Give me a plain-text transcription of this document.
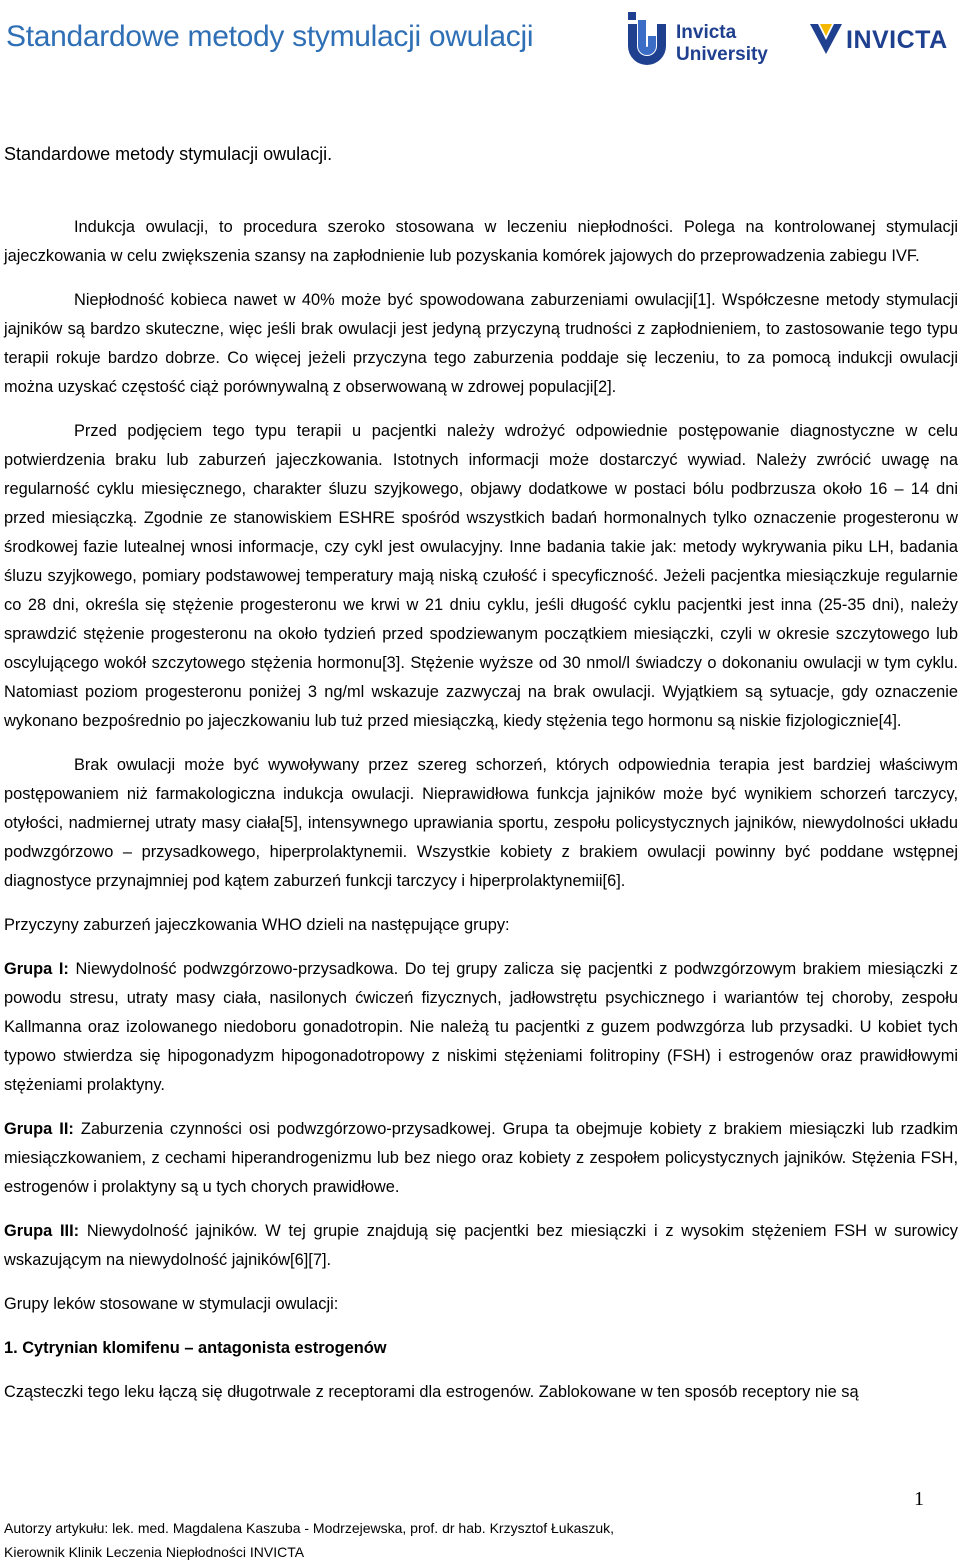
Standardowe metody stymulacji owulacji	Invicta
University
INVICTA
Standardowe metody stymulacji owulacji.

Indukcja owulacji, to procedura szeroko stosowana w leczeniu niepłodności. Polega na kontrolowanej stymulacji jajeczkowania w celu zwiększenia szansy na zapłodnienie lub pozyskania komórek jajowych do przeprowadzenia zabiegu IVF.

Niepłodność kobieca nawet w 40% może być spowodowana zaburzeniami owulacji[1]. Współczesne metody stymulacji jajników są bardzo skuteczne, więc jeśli brak owulacji jest jedyną przyczyną trudności z zapłodnieniem, to zastosowanie tego typu terapii rokuje bardzo dobrze. Co więcej jeżeli przyczyna tego zaburzenia poddaje się leczeniu, to za pomocą indukcji owulacji można uzyskać częstość ciąż porównywalną z obserwowaną w zdrowej populacji[2].

Przed podjęciem tego typu terapii u pacjentki należy wdrożyć odpowiednie postępowanie diagnostyczne w celu potwierdzenia braku lub zaburzeń jajeczkowania. Istotnych informacji może dostarczyć wywiad. Należy zwrócić uwagę na regularność cyklu miesięcznego, charakter śluzu szyjkowego, objawy dodatkowe w postaci bólu podbrzusza około 16 – 14 dni przed miesiączką. Zgodnie ze stanowiskiem ESHRE spośród wszystkich badań hormonalnych tylko oznaczenie progesteronu w środkowej fazie lutealnej wnosi informacje, czy cykl jest owulacyjny. Inne badania takie jak: metody wykrywania piku LH, badania śluzu szyjkowego, pomiary podstawowej temperatury mają niską czułość i specyficzność. Jeżeli pacjentka miesiączkuje regularnie co 28 dni, określa się stężenie progesteronu we krwi w 21 dniu cyklu, jeśli długość cyklu pacjentki jest inna (25-35 dni), należy sprawdzić stężenie progesteronu na około tydzień przed spodziewanym początkiem miesiączki, czyli w okresie szczytowego lub oscylującego wokół szczytowego stężenia hormonu[3]. Stężenie wyższe od 30 nmol/l świadczy o dokonaniu owulacji w tym cyklu. Natomiast poziom progesteronu poniżej 3 ng/ml wskazuje zazwyczaj na brak owulacji. Wyjątkiem są sytuacje, gdy oznaczenie wykonano bezpośrednio po jajeczkowaniu lub tuż przed miesiączką, kiedy stężenia tego hormonu są niskie fizjologicznie[4].

Brak owulacji może być wywoływany przez szereg schorzeń, których odpowiednia terapia jest bardziej właściwym postępowaniem niż farmakologiczna indukcja owulacji. Nieprawidłowa funkcja jajników może być wynikiem schorzeń tarczycy, otyłości, nadmiernej utraty masy ciała[5], intensywnego uprawiania sportu, zespołu policystycznych jajników, niewydolności układu podwzgórzowo – przysadkowego, hiperprolaktynemii. Wszystkie kobiety z brakiem owulacji powinny być poddane wstępnej diagnostyce przynajmniej pod kątem zaburzeń funkcji tarczycy i hiperprolaktynemii[6].

Przyczyny zaburzeń jajeczkowania WHO dzieli na następujące grupy:

Grupa I: Niewydolność podwzgórzowo-przysadkowa. Do tej grupy zalicza się pacjentki z podwzgórzowym brakiem miesiączki z powodu stresu, utraty masy ciała, nasilonych ćwiczeń fizycznych, jadłowstrętu psychicznego i wariantów tej choroby, zespołu Kallmanna oraz izolowanego niedoboru gonadotropin. Nie należą tu pacjentki z guzem podwzgórza lub przysadki. U kobiet tych typowo stwierdza się hipogonadyzm hipogonadotropowy z niskimi stężeniami folitropiny (FSH) i estrogenów oraz prawidłowymi stężeniami prolaktyny.

Grupa II: Zaburzenia czynności osi podwzgórzowo-przysadkowej. Grupa ta obejmuje kobiety z brakiem miesiączki lub rzadkim miesiączkowaniem, z cechami hiperandrogenizmu lub bez niego oraz kobiety z zespołem policystycznych jajników. Stężenia FSH, estrogenów i prolaktyny są u tych chorych prawidłowe.

Grupa III: Niewydolność jajników. W tej grupie znajdują się pacjentki bez miesiączki i z wysokim stężeniem FSH w surowicy wskazującym na niewydolność jajników[6][7].

Grupy leków stosowane w stymulacji owulacji:

1. Cytrynian klomifenu – antagonista estrogenów

Cząsteczki tego leku łączą się długotrwale z receptorami dla estrogenów. Zablokowane w ten sposób receptory nie są

1
Autorzy artykułu: lek. med. Magdalena Kaszuba - Modrzejewska, prof. dr hab. Krzysztof Łukaszuk,
Kierownik Klinik Leczenia Niepłodności INVICTA
